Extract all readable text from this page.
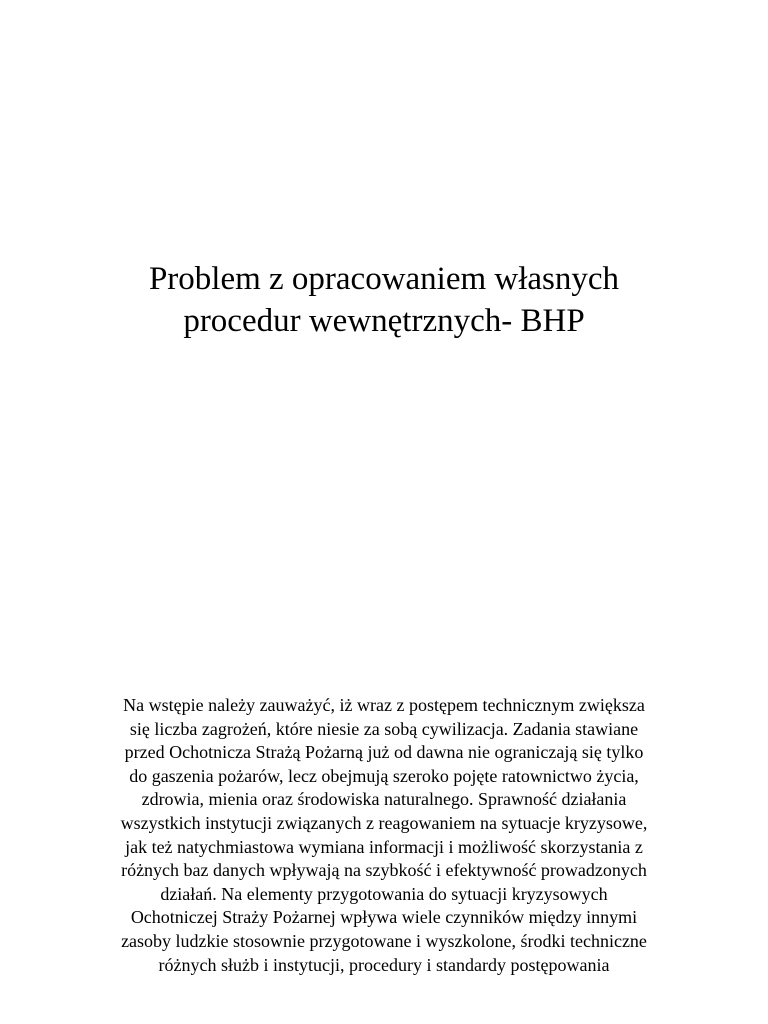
Problem z opracowaniem własnych
procedur wewnętrznych- BHP
Na wstępie należy zauważyć, iż wraz z postępem technicznym zwiększa
się liczba zagrożeń, które niesie za sobą cywilizacja. Zadania stawiane
przed Ochotnicza Strażą Pożarną już od dawna nie ograniczają się tylko
do gaszenia pożarów, lecz obejmują szeroko pojęte ratownictwo życia,
zdrowia, mienia oraz środowiska naturalnego. Sprawność działania
wszystkich instytucji związanych z reagowaniem na sytuacje kryzysowe,
jak też natychmiastowa wymiana informacji i możliwość skorzystania z
różnych baz danych wpływają na szybkość i efektywność prowadzonych
działań. Na elementy przygotowania do sytuacji kryzysowych
Ochotniczej Straży Pożarnej wpływa wiele czynników między innymi
zasoby ludzkie stosownie przygotowane i wyszkolone, środki techniczne
różnych służb i instytucji, procedury i standardy postępowania
